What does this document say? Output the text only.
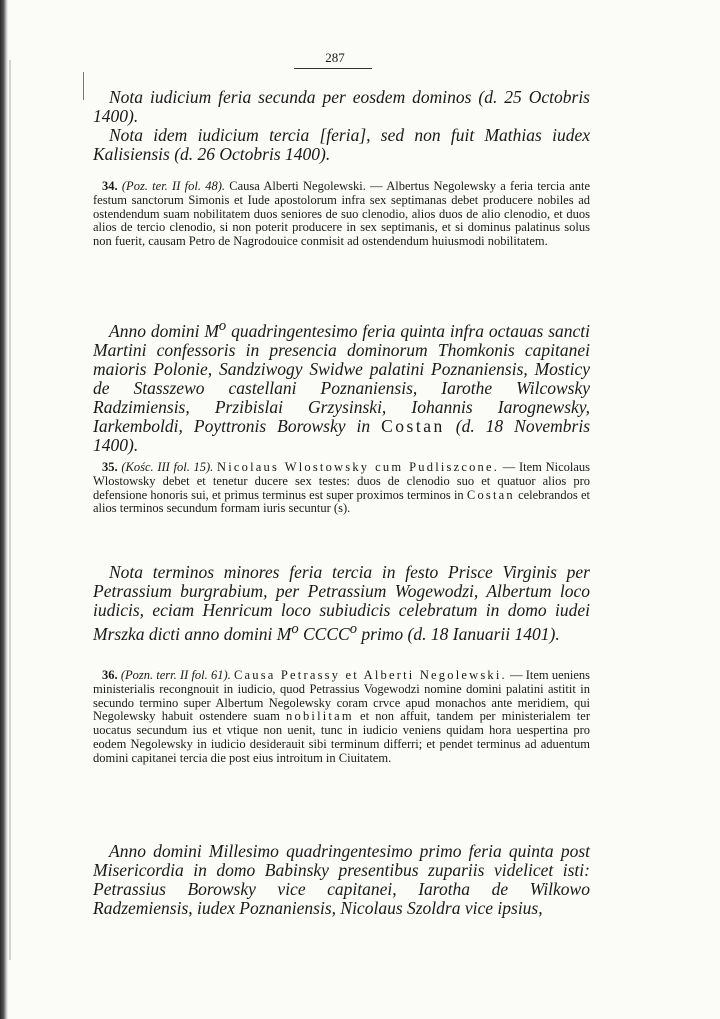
287

Nota iudicium feria secunda per eosdem dominos (d. 25 Octobris 1400).

Nota idem iudicium tercia [feria], sed non fuit Mathias iudex Kalisiensis (d. 26 Octobris 1400).

34. (Poz. ter. II fol. 48). Causa Alberti Negolewski. — Albertus Negolewsky a feria tercia ante festum sanctorum Simonis et Iude apostolorum infra sex septimanas debet producere nobiles ad ostendendum suam nobilitatem duos seniores de suo clenodio, alios duos de alio clenodio, et duos alios de tercio clenodio, si non poterit producere in sex septimanis, et si dominus palatinus solus non fuerit, causam Petro de Nagrodouice conmisit ad ostendendum huiusmodi nobilitatem.

Anno domini $M^o$ quadringentesimo feria quinta infra octauas sancti Martini confessoris in presencia dominorum Thomkonis capitanei maioris Polonie, Sandziwogy Swidwe palatini Poznaniensis, Mosticy de Stasszewo castellani Poznaniensis, Iarothe Wilcowsky Radzimiensis, Przibislai Grzysinski, Iohannis Iarognewsky, Iarkemboldi, Poyttronis Borowsky in Costan (d. 18 Novembris 1400).

35. (Kośc. III fol. 15). Nicolaus Wlostowsky cum Pudliszcone. — Item Nicolaus Wlostowsky debet et tenetur ducere sex testes: duos de clenodio suo et quatuor alios pro defensione honoris sui, et primus terminus est super proximos terminos in Costan celebrandos et alios terminos secundum formam iuris secuntur (s).

Nota terminos minores feria tercia in festo Prisce Virginis per Petrassium burgrabium, per Petrassium Wogewodzi, Albertum loco iudicis, eciam Henricum loco subiudicis celebratum in domo iudei Mrszka dicti anno domini $M^o$ CCCC$^o$ primo (d. 18 Ianuarii 1401).

36. (Pozn. terr. II fol. 61). Causa Petrassy et Alberti Negolewski. — Item ueniens ministerialis recongnouit in iudicio, quod Petrassius Vogewodzi nomine domini palatini astitit in secundo termino super Albertum Negolewsky coram crvce apud monachos ante meridiem, qui Negolewsky habuit ostendere suam nobilitam et non affuit, tandem per ministerialem ter uocatus secundum ius et vtique non uenit, tunc in iudicio veniens quidam hora uespertina pro eodem Negolewsky in iudicio desiderauit sibi terminum differri; et pendet terminus ad aduentum domini capitanei tercia die post eius introitum in Ciuitatem.

Anno domini Millesimo quadringentesimo primo feria quinta post Misericordia in domo Babinsky presentibus zupariis videlicet isti: Petrassius Borowsky vice capitanei, Iarotha de Wilkowo Radzemiensis, iudex Poznaniensis, Nicolaus Szoldra vice ipsius,
